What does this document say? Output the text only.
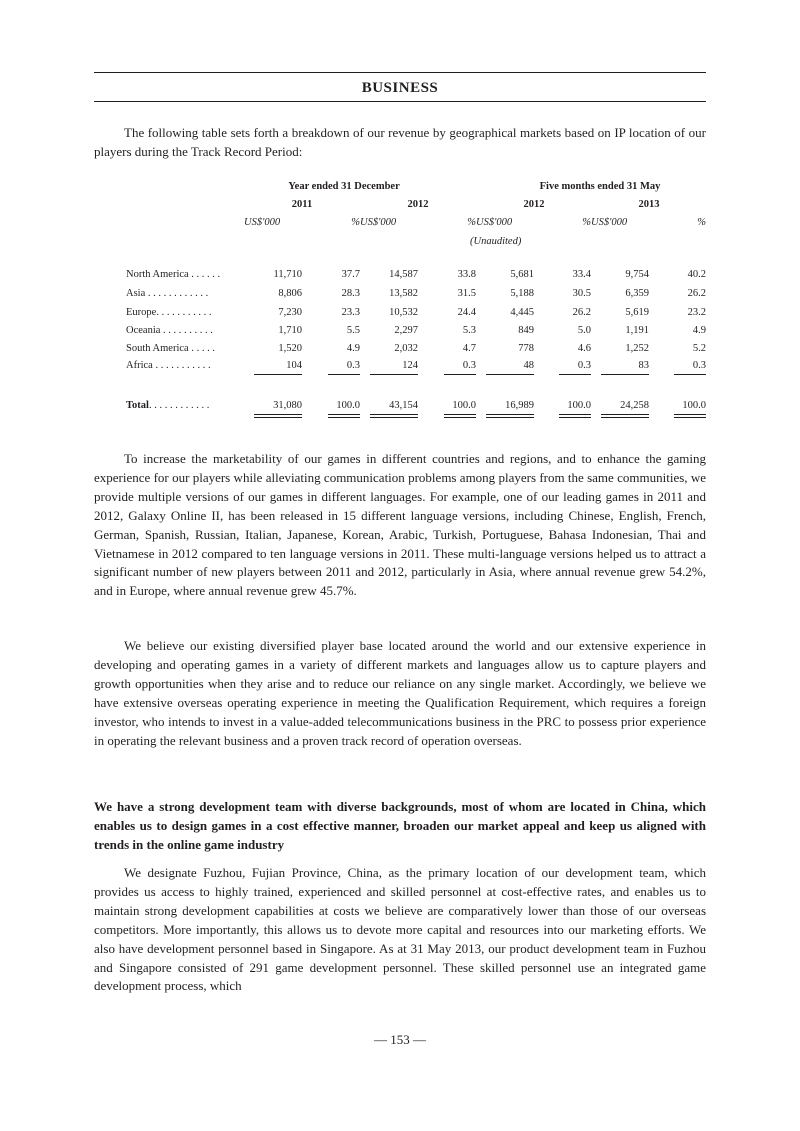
BUSINESS

The following table sets forth a breakdown of our revenue by geographical markets based on IP location of our players during the Track Record Period:

Year ended 31 December	Five months ended 31 May
2011	2012	2012	2013
US$'000	% US$'000	% US$'000	% US$'000	%
(Unaudited)
North America . . . . . .	11,710	37.7	14,587	33.8	5,681	33.4	9,754	40.2
Asia . . . . . . . . . . . .	8,806	28.3	13,582	31.5	5,188	30.5	6,359	26.2
Europe. . . . . . . . . . .	7,230	23.3	10,532	24.4	4,445	26.2	5,619	23.2
Oceania . . . . . . . . . .	1,710	5.5	2,297	5.3	849	5.0	1,191	4.9
South America . . . . .	1,520	4.9	2,032	4.7	778	4.6	1,252	5.2
Africa . . . . . . . . . . .	104	0.3	124	0.3	48	0.3	83	0.3
Total. . . . . . . . . . . .	31,080	100.0	43,154	100.0	16,989	100.0	24,258	100.0

To increase the marketability of our games in different countries and regions, and to enhance the gaming experience for our players while alleviating communication problems among players from the same communities, we provide multiple versions of our games in different languages. For example, one of our leading games in 2011 and 2012, Galaxy Online II, has been released in 15 different language versions, including Chinese, English, French, German, Spanish, Russian, Italian, Japanese, Korean, Arabic, Turkish, Portuguese, Bahasa Indonesian, Thai and Vietnamese in 2012 compared to ten language versions in 2011. These multi-language versions helped us to attract a significant number of new players between 2011 and 2012, particularly in Asia, where annual revenue grew 54.2%, and in Europe, where annual revenue grew 45.7%.

We believe our existing diversified player base located around the world and our extensive experience in developing and operating games in a variety of different markets and languages allow us to capture players and growth opportunities when they arise and to reduce our reliance on any single market. Accordingly, we believe we have extensive overseas operating experience in meeting the Qualification Requirement, which requires a foreign investor, who intends to invest in a value-added telecommunications business in the PRC to possess prior experience in operating the relevant business and a proven track record of operation overseas.

We have a strong development team with diverse backgrounds, most of whom are located in China, which enables us to design games in a cost effective manner, broaden our market appeal and keep us aligned with trends in the online game industry

We designate Fuzhou, Fujian Province, China, as the primary location of our development team, which provides us access to highly trained, experienced and skilled personnel at cost-effective rates, and enables us to maintain strong development capabilities at costs we believe are comparatively lower than those of our overseas competitors. More importantly, this allows us to devote more capital and resources into our marketing efforts. We also have development personnel based in Singapore. As at 31 May 2013, our product development team in Fuzhou and Singapore consisted of 291 game development personnel. These skilled personnel use an integrated game development process, which

— 153 —
